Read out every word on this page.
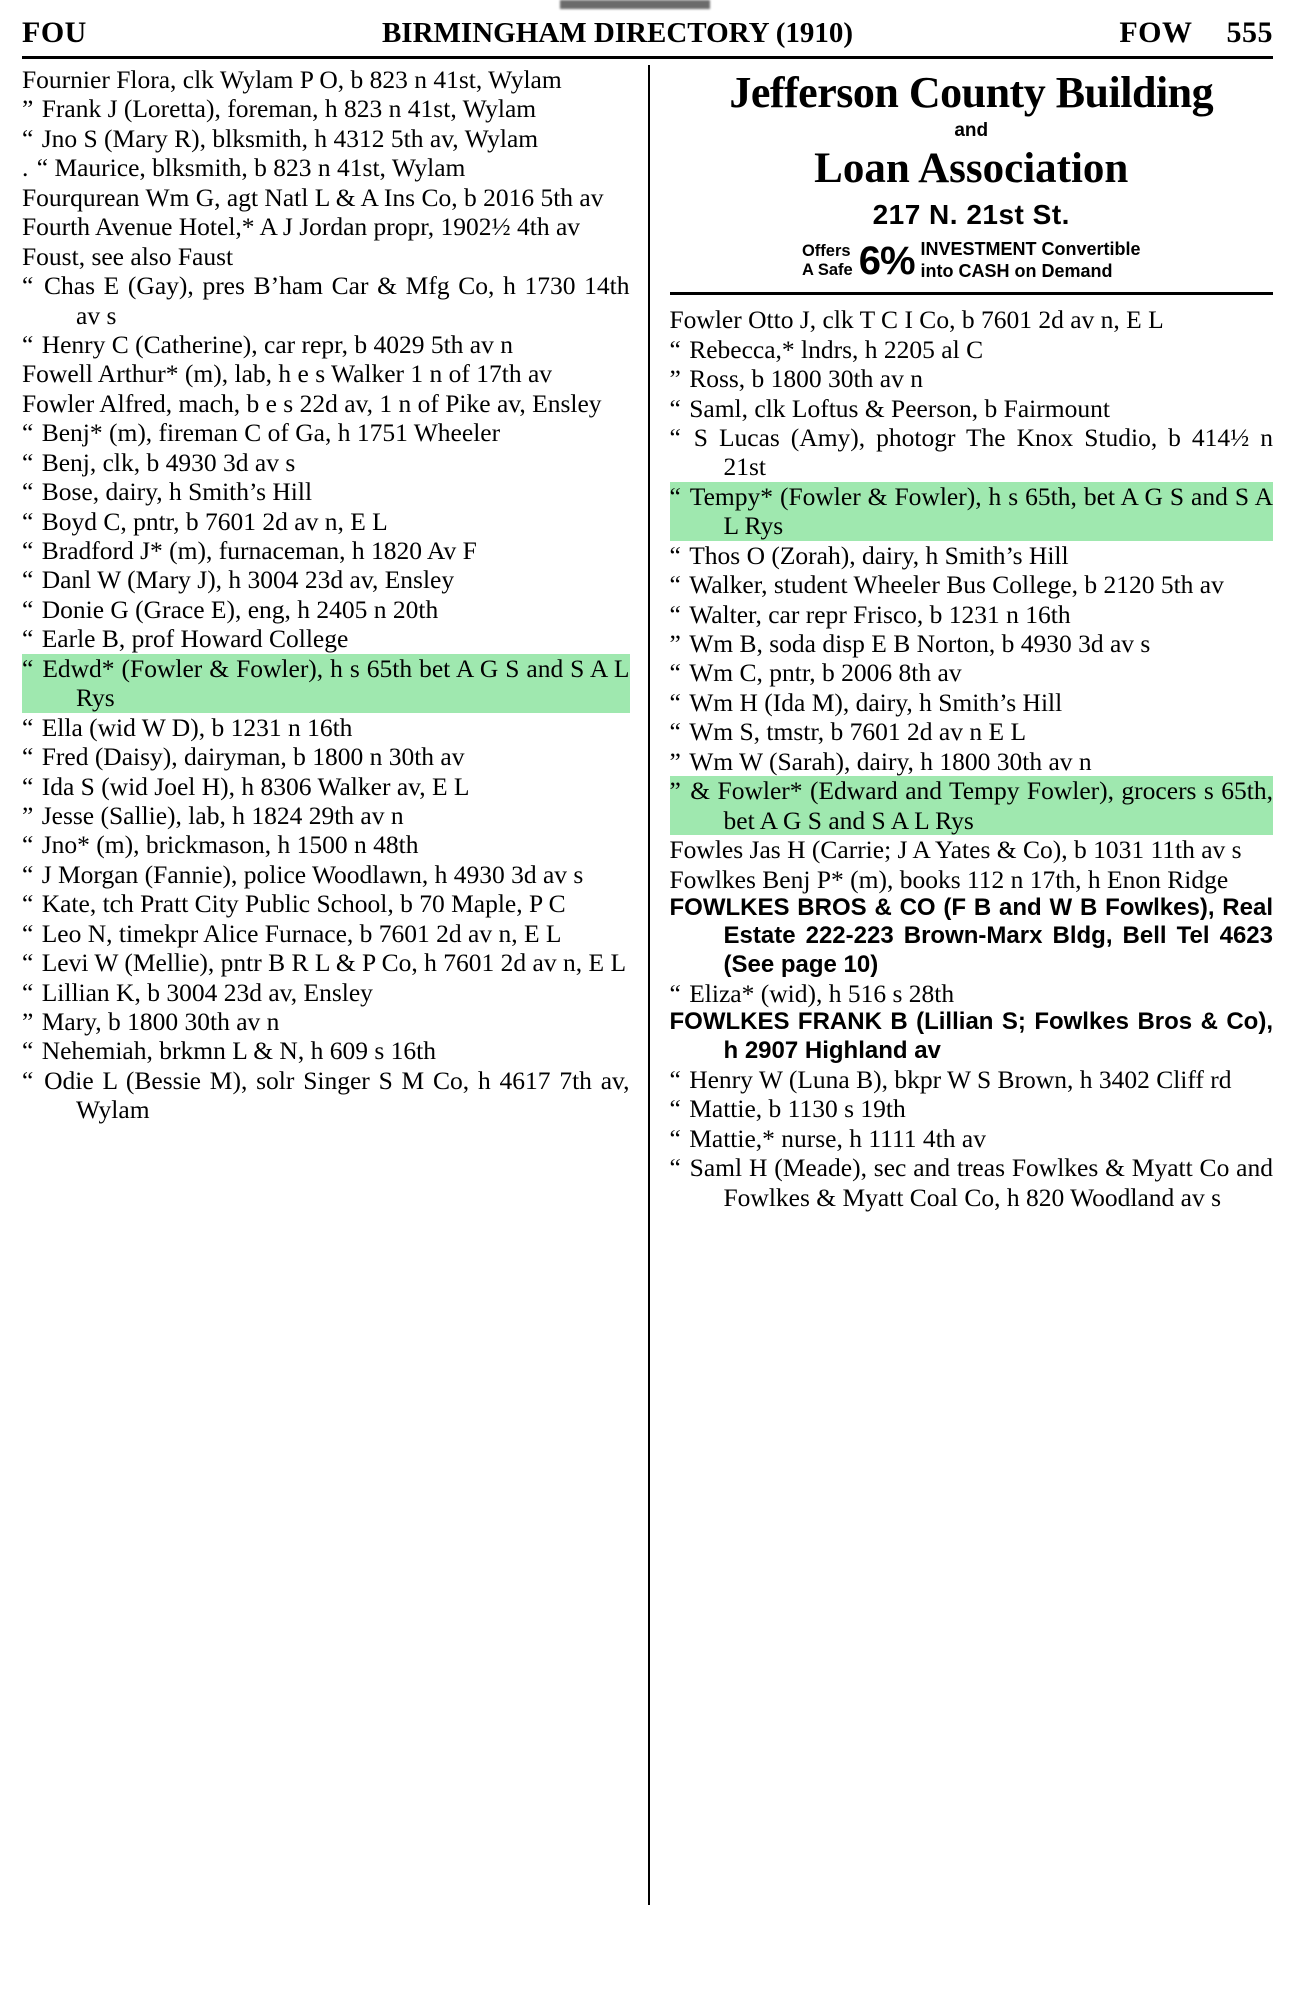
FOU	BIRMINGHAM DIRECTORY (1910)	FOW 555

Fournier Flora, clk Wylam P O, b 823 n 41st, Wylam

” Frank J (Loretta), foreman, h 823 n 41st, Wylam

“ Jno S (Mary R), blksmith, h 4312 5th av, Wylam

. “ Maurice, blksmith, b 823 n 41st, Wylam

Fourqurean Wm G, agt Natl L & A Ins Co, b 2016 5th av

Fourth Avenue Hotel,* A J Jordan propr, 1902½ 4th av

Foust, see also Faust

“ Chas E (Gay), pres B’ham Car & Mfg Co, h 1730 14th av s

“ Henry C (Catherine), car repr, b 4029 5th av n

Fowell Arthur* (m), lab, h e s Walker 1 n of 17th av

Fowler Alfred, mach, b e s 22d av, 1 n of Pike av, Ensley

“ Benj* (m), fireman C of Ga, h 1751 Wheeler

“ Benj, clk, b 4930 3d av s

“ Bose, dairy, h Smith’s Hill

“ Boyd C, pntr, b 7601 2d av n, E L

“ Bradford J* (m), furnaceman, h 1820 Av F

“ Danl W (Mary J), h 3004 23d av, Ensley

“ Donie G (Grace E), eng, h 2405 n 20th

“ Earle B, prof Howard College

“ Edwd* (Fowler & Fowler), h s 65th bet A G S and S A L Rys

“ Ella (wid W D), b 1231 n 16th

“ Fred (Daisy), dairyman, b 1800 n 30th av

“ Ida S (wid Joel H), h 8306 Walker av, E L

” Jesse (Sallie), lab, h 1824 29th av n

“ Jno* (m), brickmason, h 1500 n 48th

“ J Morgan (Fannie), police Woodlawn, h 4930 3d av s

“ Kate, tch Pratt City Public School, b 70 Maple, P C

“ Leo N, timekpr Alice Furnace, b 7601 2d av n, E L

“ Levi W (Mellie), pntr B R L & P Co, h 7601 2d av n, E L

“ Lillian K, b 3004 23d av, Ensley

” Mary, b 1800 30th av n

“ Nehemiah, brkmn L & N, h 609 s 16th

“ Odie L (Bessie M), solr Singer S M Co, h 4617 7th av, Wylam

Jefferson County Building
and
Loan Association
217 N. 21st St.
Offers
A Safe 6% INVESTMENT Convertible
into CASH on Demand

Fowler Otto J, clk T C I Co, b 7601 2d av n, E L

“ Rebecca,* lndrs, h 2205 al C

” Ross, b 1800 30th av n

“ Saml, clk Loftus & Peerson, b Fairmount

“ S Lucas (Amy), photogr The Knox Studio, b 414½ n 21st

“ Tempy* (Fowler & Fowler), h s 65th, bet A G S and S A L Rys

“ Thos O (Zorah), dairy, h Smith’s Hill

“ Walker, student Wheeler Bus College, b 2120 5th av

“ Walter, car repr Frisco, b 1231 n 16th

” Wm B, soda disp E B Norton, b 4930 3d av s

“ Wm C, pntr, b 2006 8th av

“ Wm H (Ida M), dairy, h Smith’s Hill

“ Wm S, tmstr, b 7601 2d av n E L

” Wm W (Sarah), dairy, h 1800 30th av n

” & Fowler* (Edward and Tempy Fowler), grocers s 65th, bet A G S and S A L Rys

Fowles Jas H (Carrie; J A Yates & Co), b 1031 11th av s

Fowlkes Benj P* (m), books 112 n 17th, h Enon Ridge

FOWLKES BROS & CO (F B and W B Fowlkes), Real Estate 222-223 Brown-Marx Bldg, Bell Tel 4623 (See page 10)

“ Eliza* (wid), h 516 s 28th

FOWLKES FRANK B (Lillian S; Fowlkes Bros & Co), h 2907 Highland av

“ Henry W (Luna B), bkpr W S Brown, h 3402 Cliff rd

“ Mattie, b 1130 s 19th

“ Mattie,* nurse, h 1111 4th av

“ Saml H (Meade), sec and treas Fowlkes & Myatt Co and Fowlkes & Myatt Coal Co, h 820 Woodland av s
